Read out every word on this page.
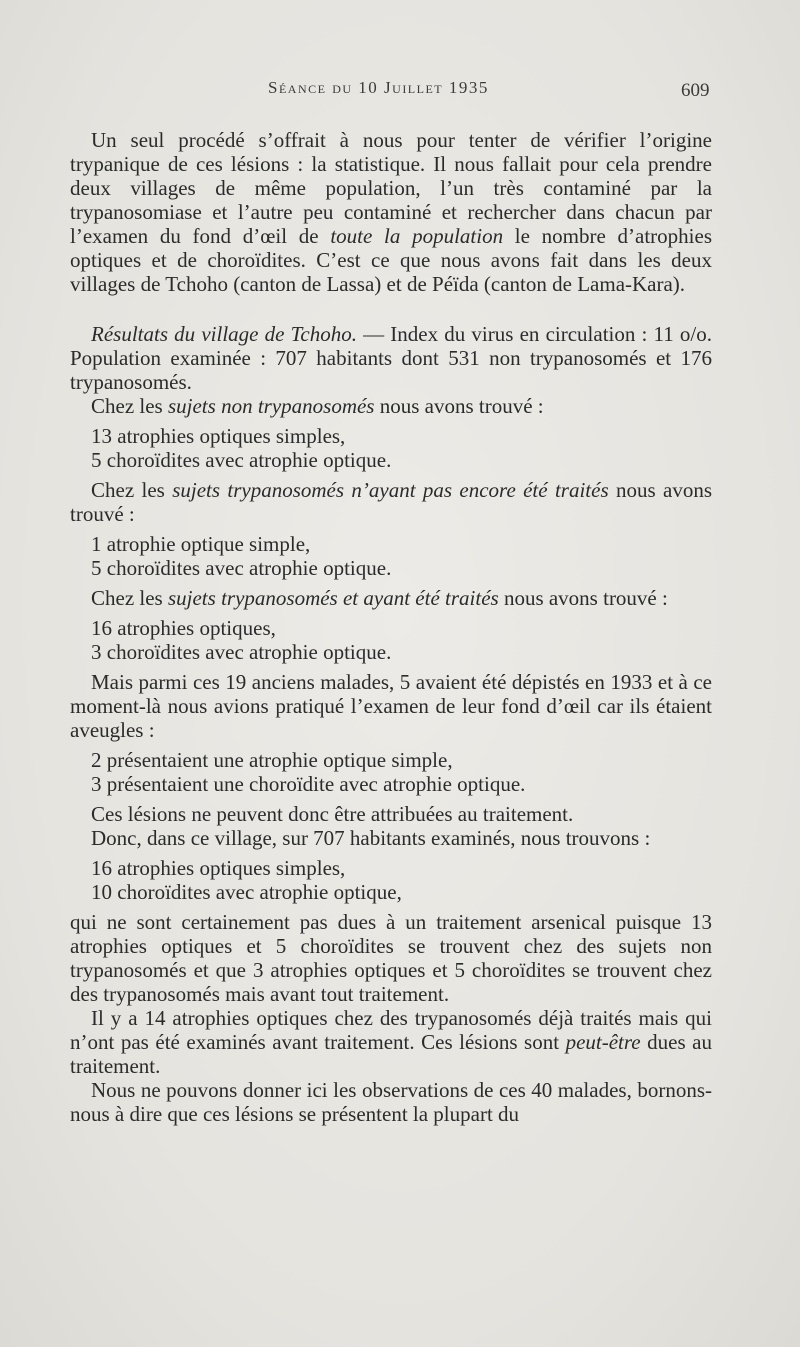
Séance du 10 Juillet 1935	609

Un seul procédé s’offrait à nous pour tenter de vérifier l’origine trypanique de ces lésions : la statistique. Il nous fallait pour cela prendre deux villages de même population, l’un très contaminé par la trypanosomiase et l’autre peu contaminé et rechercher dans chacun par l’examen du fond d’œil de toute la population le nombre d’atrophies optiques et de choroïdites. C’est ce que nous avons fait dans les deux villages de Tchoho (canton de Lassa) et de Péïda (canton de Lama-Kara).

Résultats du village de Tchoho. — Index du virus en circulation : 11 o/o. Population examinée : 707 habitants dont 531 non trypanosomés et 176 trypanosomés.

Chez les sujets non trypanosomés nous avons trouvé :

13 atrophies optiques simples,
5 choroïdites avec atrophie optique.

Chez les sujets trypanosomés n’ayant pas encore été traités nous avons trouvé :

1 atrophie optique simple,
5 choroïdites avec atrophie optique.

Chez les sujets trypanosomés et ayant été traités nous avons trouvé :

16 atrophies optiques,
3 choroïdites avec atrophie optique.

Mais parmi ces 19 anciens malades, 5 avaient été dépistés en 1933 et à ce moment-là nous avions pratiqué l’examen de leur fond d’œil car ils étaient aveugles :

2 présentaient une atrophie optique simple,
3 présentaient une choroïdite avec atrophie optique.

Ces lésions ne peuvent donc être attribuées au traitement.

Donc, dans ce village, sur 707 habitants examinés, nous trouvons :

16 atrophies optiques simples,
10 choroïdites avec atrophie optique,

qui ne sont certainement pas dues à un traitement arsenical puisque 13 atrophies optiques et 5 choroïdites se trouvent chez des sujets non trypanosomés et que 3 atrophies optiques et 5 choroïdites se trouvent chez des trypanosomés mais avant tout traitement.

Il y a 14 atrophies optiques chez des trypanosomés déjà traités mais qui n’ont pas été examinés avant traitement. Ces lésions sont peut-être dues au traitement.

Nous ne pouvons donner ici les observations de ces 40 malades, bornons-nous à dire que ces lésions se présentent la plupart du
